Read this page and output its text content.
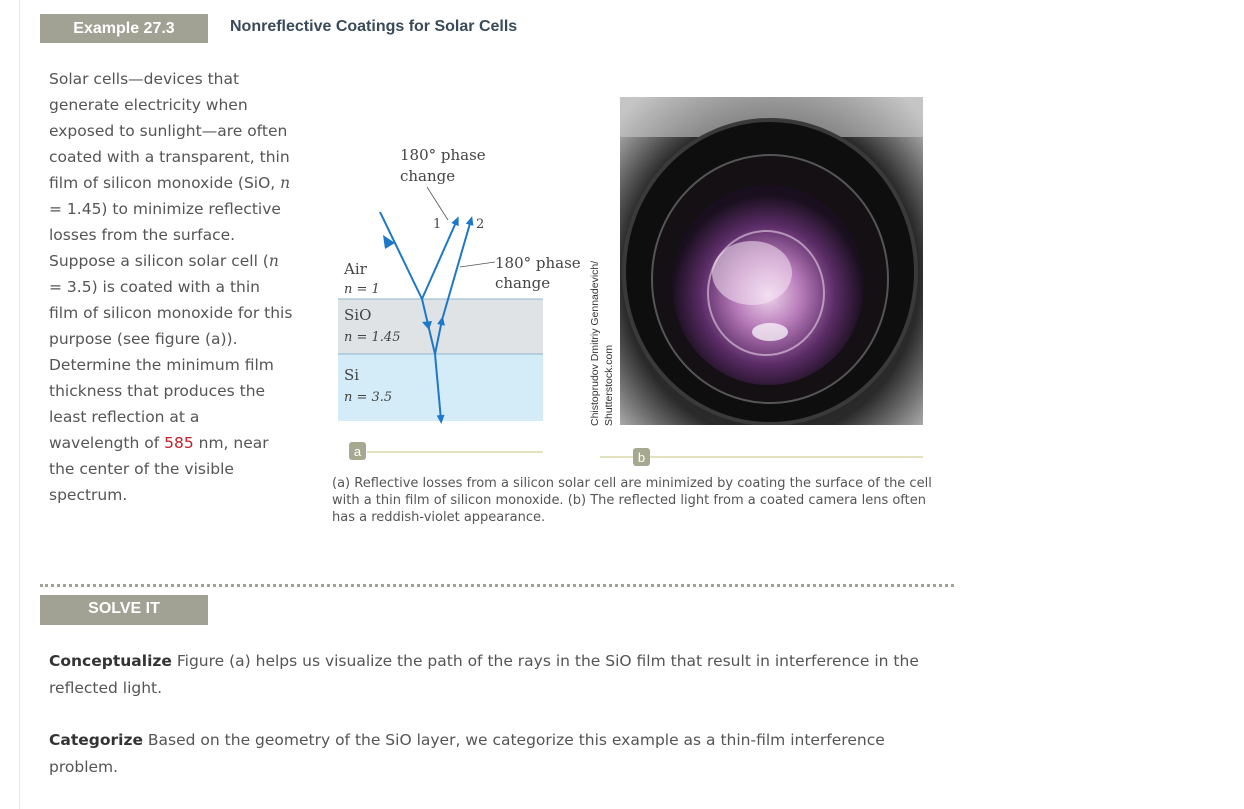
Example 27.3	Nonreflective Coatings for Solar Cells
Solar cells—devices that generate electricity when exposed to sunlight—are often coated with a transparent, thin film of silicon monoxide (SiO, n = 1.45) to minimize reflective losses from the surface. Suppose a silicon solar cell (n = 3.5) is coated with a thin film of silicon monoxide for this purpose (see figure (a)). Determine the minimum film thickness that produces the least reflection at a wavelength of 585 nm, near the center of the visible spectrum.
180° phase
change
1	2
180° phase
change
Air
n = 1
SiO
n = 1.45
Si
n = 3.5
a
Chistoprudov Dmitriy Gennadevich/ Shutterstock.com
b
(a) Reflective losses from a silicon solar cell are minimized by coating the surface of the cell with a thin film of silicon monoxide. (b) The reflected light from a coated camera lens often has a reddish-violet appearance.
SOLVE IT
Conceptualize Figure (a) helps us visualize the path of the rays in the SiO film that result in interference in the reflected light.
Categorize Based on the geometry of the SiO layer, we categorize this example as a thin-film interference problem.
